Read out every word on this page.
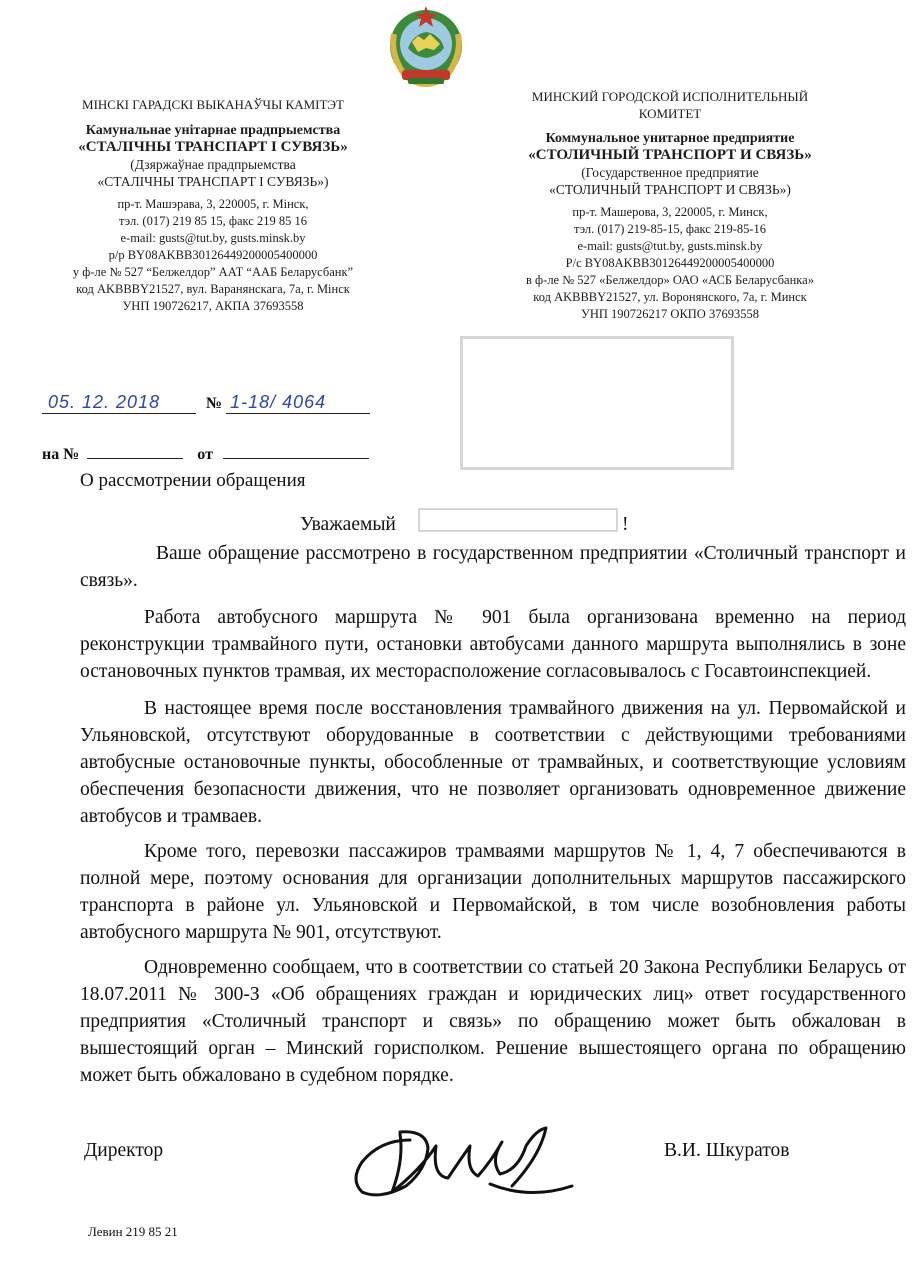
МІНСКІ ГАРАДСКІ ВЫКАНАЎЧЫ КАМІТЭТ
Камунальнае унітарнае прадпрыемства
«СТАЛІЧНЫ ТРАНСПАРТ І СУВЯЗЬ»
(Дзяржаўнае прадпрыемства
«СТАЛІЧНЫ ТРАНСПАРТ І СУВЯЗЬ»)
пр-т. Машэрава, 3, 220005, г. Мінск,
тэл. (017) 219 85 15, факс 219 85 16
e-mail: gusts@tut.by, gusts.minsk.by
р/р BY08AKBB30126449200005400000
у ф-ле № 527 “Белжелдор” ААТ “ААБ Беларусбанк”
код AKBBBY21527, вул. Варанянскага, 7а, г. Мінск
УНП 190726217, АКПА 37693558
МИНСКИЙ ГОРОДСКОЙ ИСПОЛНИТЕЛЬНЫЙ
КОМИТЕТ
Коммунальное унитарное предприятие
«СТОЛИЧНЫЙ ТРАНСПОРТ И СВЯЗЬ»
(Государственное предприятие
«СТОЛИЧНЫЙ ТРАНСПОРТ И СВЯЗЬ»)
пр-т. Машерова, 3, 220005, г. Минск,
тэл. (017) 219-85-15, факс 219-85-16
e-mail: gusts@tut.by, gusts.minsk.by
Р/с BY08AKBB30126449200005400000
в ф-ле № 527 «Белжелдор» ОАО «АСБ Беларусбанка»
код AKBBBY21527, ул. Воронянского, 7а, г. Минск
УНП 190726217 ОКПО 37693558
05. 12. 2018	№ 1-18/ 4064
на №	от
О рассмотрении обращения
Уважаемый	!

Ваше обращение рассмотрено в государственном предприятии «Столичный транспорт и связь».

Работа автобусного маршрута № 901 была организована временно на период реконструкции трамвайного пути, остановки автобусами данного маршрута выполнялись в зоне остановочных пунктов трамвая, их месторасположение согласовывалось с Госавтоинспекцией.

В настоящее время после восстановления трамвайного движения на ул. Первомайской и Ульяновской, отсутствуют оборудованные в соответствии с действующими требованиями автобусные остановочные пункты, обособленные от трамвайных, и соответствующие условиям обеспечения безопасности движения, что не позволяет организовать одновременное движение автобусов и трамваев.

Кроме того, перевозки пассажиров трамваями маршрутов № 1, 4, 7 обеспечиваются в полной мере, поэтому основания для организации дополнительных маршрутов пассажирского транспорта в районе ул. Ульяновской и Первомайской, в том числе возобновления работы автобусного маршрута № 901, отсутствуют.

Одновременно сообщаем, что в соответствии со статьей 20 Закона Республики Беларусь от 18.07.2011 № 300-З «Об обращениях граждан и юридических лиц» ответ государственного предприятия «Столичный транспорт и связь» по обращению может быть обжалован в вышестоящий орган – Минский горисполком. Решение вышестоящего органа по обращению может быть обжаловано в судебном порядке.

Директор	В.И. Шкуратов
Левин 219 85 21
